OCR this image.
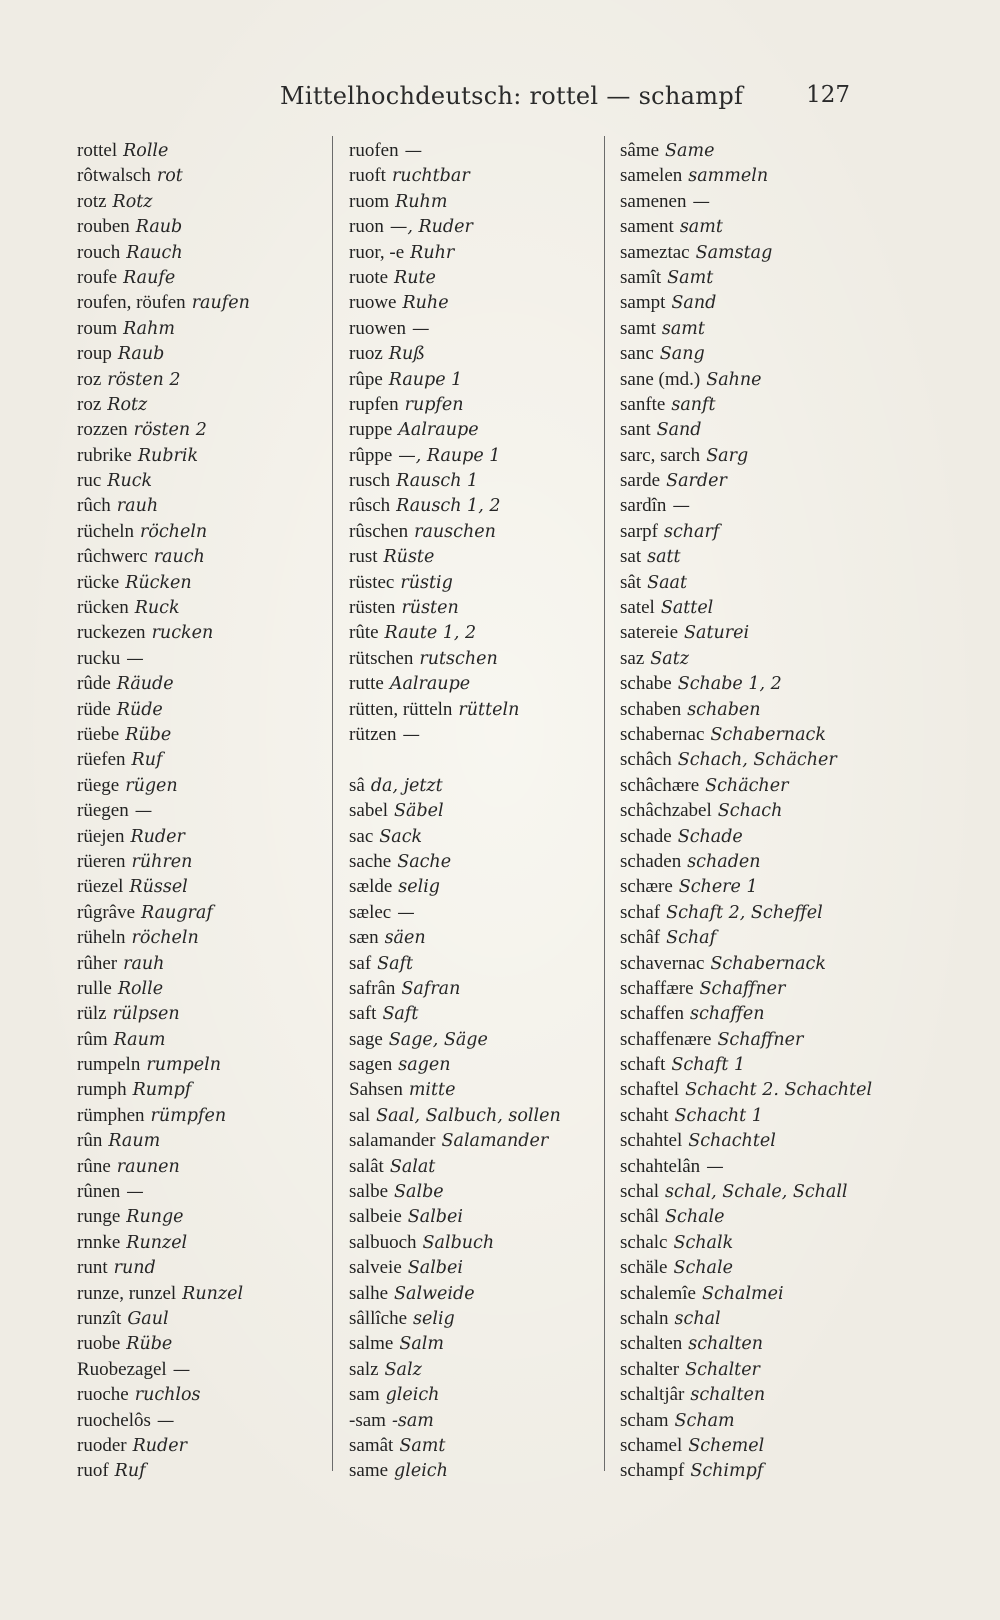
Mittelhochdeutsch: rottel — schampf	127
rottel Rolle
rôtwalsch rot
rotz Rotz
rouben Raub
rouch Rauch
roufe Raufe
roufen, röufen raufen
roum Rahm
roup Raub
roz rösten 2
roz Rotz
rozzen rösten 2
rubrike Rubrik
ruc Ruck
rûch rauh
rücheln röcheln
rûchwerc rauch
rücke Rücken
rücken Ruck
ruckezen rucken
rucku —
rûde Räude
rüde Rüde
rüebe Rübe
rüefen Ruf
rüege rügen
rüegen —
rüejen Ruder
rüeren rühren
rüezel Rüssel
rûgrâve Raugraf
rüheln röcheln
rûher rauh
rulle Rolle
rülz rülpsen
rûm Raum
rumpeln rumpeln
rumph Rumpf
rümphen rümpfen
rûn Raum
rûne raunen
rûnen —
runge Runge
rnnke Runzel
runt rund
runze, runzel Runzel
runzît Gaul
ruobe Rübe
Ruobezagel —
ruoche ruchlos
ruochelôs —
ruoder Ruder
ruof Ruf
ruofen —
ruoft ruchtbar
ruom Ruhm
ruon —, Ruder
ruor, -e Ruhr
ruote Rute
ruowe Ruhe
ruowen —
ruoz Ruß
rûpe Raupe 1
rupfen rupfen
ruppe Aalraupe
rûppe —, Raupe 1
rusch Rausch 1
rûsch Rausch 1, 2
rûschen rauschen
rust Rüste
rüstec rüstig
rüsten rüsten
rûte Raute 1, 2
rütschen rutschen
rutte Aalraupe
rütten, rütteln rütteln
rützen —
sâ da, jetzt
sabel Säbel
sac Sack
sache Sache
sælde selig
sælec —
sæn säen
saf Saft
safrân Safran
saft Saft
sage Sage, Säge
sagen sagen
Sahsen mitte
sal Saal, Salbuch, sollen
salamander Salamander
salât Salat
salbe Salbe
salbeie Salbei
salbuoch Salbuch
salveie Salbei
salhe Salweide
sâllîche selig
salme Salm
salz Salz
sam gleich
-sam -sam
samât Samt
same gleich
sâme Same
samelen sammeln
samenen —
sament samt
sameztac Samstag
samît Samt
sampt Sand
samt samt
sanc Sang
sane (md.) Sahne
sanfte sanft
sant Sand
sarc, sarch Sarg
sarde Sarder
sardîn —
sarpf scharf
sat satt
sât Saat
satel Sattel
satereie Saturei
saz Satz
schabe Schabe 1, 2
schaben schaben
schabernac Schabernack
schâch Schach, Schächer
schâchære Schächer
schâchzabel Schach
schade Schade
schaden schaden
schære Schere 1
schaf Schaft 2, Scheffel
schâf Schaf
schavernac Schabernack
schaffære Schaffner
schaffen schaffen
schaffenære Schaffner
schaft Schaft 1
schaftel Schacht 2. Schachtel
schaht Schacht 1
schahtel Schachtel
schahtelân —
schal schal, Schale, Schall
schâl Schale
schalc Schalk
schäle Schale
schalemîe Schalmei
schaln schal
schalten schalten
schalter Schalter
schaltjâr schalten
scham Scham
schamel Schemel
schampf Schimpf
